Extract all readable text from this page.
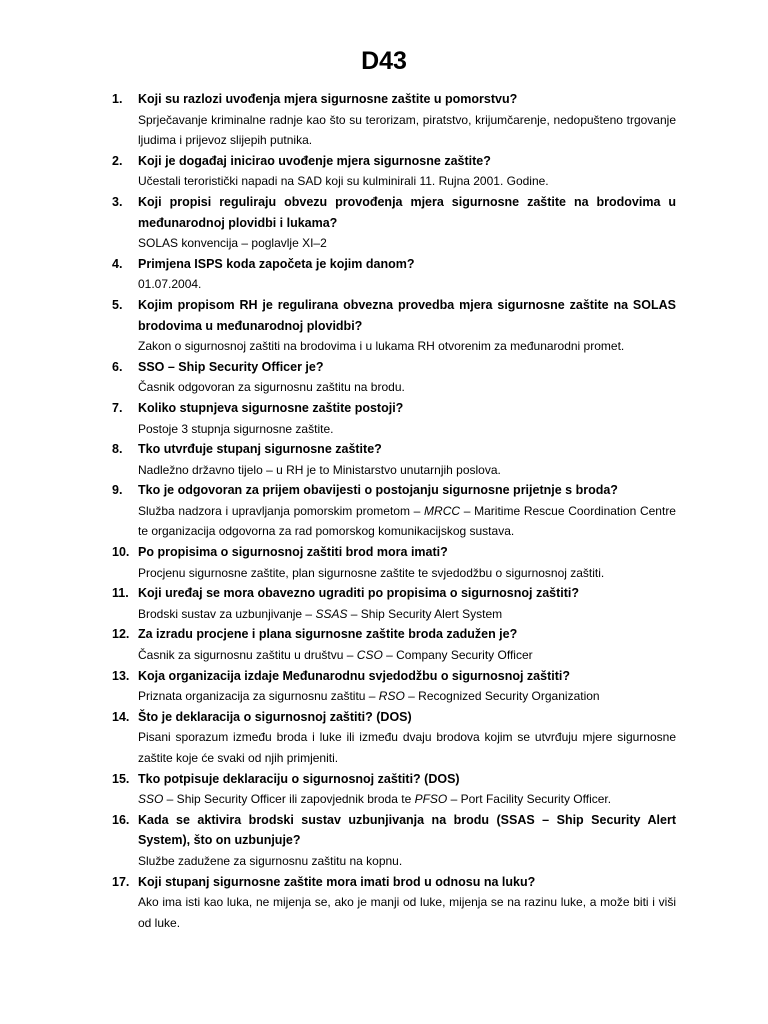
D43
1. Koji su razlozi uvođenja mjera sigurnosne zaštite u pomorstvu?

Sprječavanje kriminalne radnje kao što su terorizam, piratstvo, krijumčarenje, nedopušteno trgovanje ljudima i prijevoz slijepih putnika.

2. Koji je događaj inicirao uvođenje mjera sigurnosne zaštite?

Učestali teroristički napadi na SAD koji su kulminirali 11. Rujna 2001. Godine.

3. Koji propisi reguliraju obvezu provođenja mjera sigurnosne zaštite na brodovima u međunarodnoj plovidbi i lukama?

SOLAS konvencija – poglavlje XI–2

4. Primjena ISPS koda započeta je kojim danom?

01.07.2004.

5. Kojim propisom RH je regulirana obvezna provedba mjera sigurnosne zaštite na SOLAS brodovima u međunarodnoj plovidbi?

Zakon o sigurnosnoj zaštiti na brodovima i u lukama RH otvorenim za međunarodni promet.

6. SSO – Ship Security Officer je?

Časnik odgovoran za sigurnosnu zaštitu na brodu.

7. Koliko stupnjeva sigurnosne zaštite postoji?

Postoje 3 stupnja sigurnosne zaštite.

8. Tko utvrđuje stupanj sigurnosne zaštite?

Nadležno državno tijelo – u RH je to Ministarstvo unutarnjih poslova.

9. Tko je odgovoran za prijem obavijesti o postojanju sigurnosne prijetnje s broda?

Služba nadzora i upravljanja pomorskim prometom – MRCC – Maritime Rescue Coordination Centre te organizacija odgovorna za rad pomorskog komunikacijskog sustava.

10. Po propisima o sigurnosnoj zaštiti brod mora imati?

Procjenu sigurnosne zaštite, plan sigurnosne zaštite te svjedodžbu o sigurnosnoj zaštiti.

11. Koji uređaj se mora obavezno ugraditi po propisima o sigurnosnoj zaštiti?

Brodski sustav za uzbunjivanje – SSAS – Ship Security Alert System

12. Za izradu procjene i plana sigurnosne zaštite broda zadužen je?

Časnik za sigurnosnu zaštitu u društvu – CSO – Company Security Officer

13. Koja organizacija izdaje Međunarodnu svjedodžbu o sigurnosnoj zaštiti?

Priznata organizacija za sigurnosnu zaštitu – RSO – Recognized Security Organization

14. Što je deklaracija o sigurnosnoj zaštiti? (DOS)

Pisani sporazum između broda i luke ili između dvaju brodova kojim se utvrđuju mjere sigurnosne zaštite koje će svaki od njih primjeniti.

15. Tko potpisuje deklaraciju o sigurnosnoj zaštiti? (DOS)

SSO – Ship Security Officer ili zapovjednik broda te PFSO – Port Facility Security Officer.

16. Kada se aktivira brodski sustav uzbunjivanja na brodu (SSAS – Ship Security Alert System), što on uzbunjuje?

Službe zadužene za sigurnosnu zaštitu na kopnu.

17. Koji stupanj sigurnosne zaštite mora imati brod u odnosu na luku?

Ako ima isti kao luka, ne mijenja se, ako je manji od luke, mijenja se na razinu luke, a može biti i viši od luke.
